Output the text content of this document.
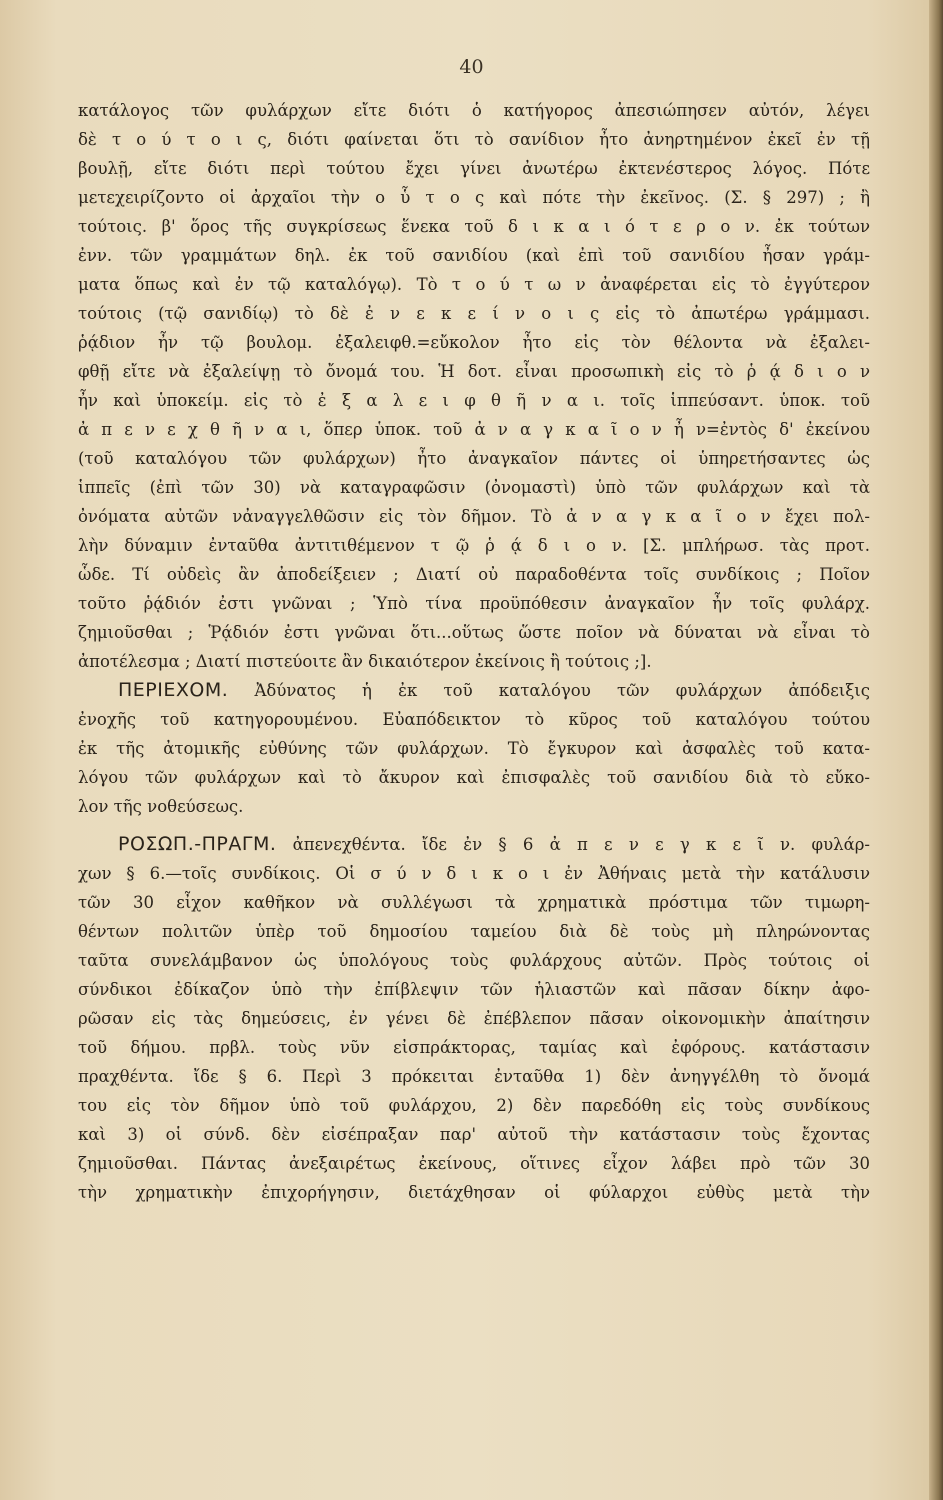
40
κατάλογος τῶν φυλάρχων εἴτε διότι ὁ κατήγορος ἀπεσιώπησεν αὐτόν, λέγει
δὲ τ ο ύ τ ο ι ς, διότι φαίνεται ὅτι τὸ σανίδιον ἦτο ἀνηρτημένον ἐκεῖ ἐν τῇ
βουλῇ, εἴτε διότι περὶ τούτου ἔχει γίνει ἀνωτέρω ἐκτενέστερος λόγος. Πότε
μετεχειρίζοντο οἱ ἀρχαῖοι τὴν ο ὗ τ ο ς καὶ πότε τὴν ἐκεῖνος. (Σ. § 297) ; ἢ
τούτοις. β' ὅρος τῆς συγκρίσεως ἕνεκα τοῦ δ ι κ α ι ό τ ε ρ ο ν. ἐκ τούτων
ἐνν. τῶν γραμμάτων δηλ. ἐκ τοῦ σανιδίου (καὶ ἐπὶ τοῦ σανιδίου ἦσαν γράμ-
ματα ὅπως καὶ ἐν τῷ καταλόγῳ). Τὸ τ ο ύ τ ω ν ἀναφέρεται εἰς τὸ ἐγγύτερον
τούτοις (τῷ σανιδίῳ) τὸ δὲ ἐ ν ε κ ε ί ν ο ι ς εἰς τὸ ἀπωτέρω γράμμασι.
ῥᾴδιον ἦν τῷ βουλομ. ἐξαλειφθ.=εὔκολον ἦτο εἰς τὸν θέλοντα νὰ ἐξαλει-
φθῇ εἴτε νὰ ἐξαλείψῃ τὸ ὄνομά του. Ἡ δοτ. εἶναι προσωπικὴ εἰς τὸ ῥ ᾴ δ ι ο ν
ἦν καὶ ὑποκείμ. εἰς τὸ ἐ ξ α λ ε ι φ θ ῆ ν α ι. τοῖς ἱππεύσαντ. ὑποκ. τοῦ
ἀ π ε ν ε χ θ ῆ ν α ι, ὅπερ ὑποκ. τοῦ ἀ ν α γ κ α ῖ ο ν ἦ ν=ἐντὸς δ' ἐκείνου
(τοῦ καταλόγου τῶν φυλάρχων) ἦτο ἀναγκαῖον πάντες οἱ ὑπηρετήσαντες ὡς
ἱππεῖς (ἐπὶ τῶν 30) νὰ καταγραφῶσιν (ὀνομαστὶ) ὑπὸ τῶν φυλάρχων καὶ τὰ
ὀνόματα αὐτῶν νἀναγγελθῶσιν εἰς τὸν δῆμον. Τὸ ἀ ν α γ κ α ῖ ο ν ἔχει πολ-
λὴν δύναμιν ἐνταῦθα ἀντιτιθέμενον τ ῷ ῥ ᾴ δ ι ο ν. [Σ. μπλήρωσ. τὰς προτ.
ὧδε. Τί οὐδεὶς ἂν ἀποδείξειεν ; Διατί οὐ παραδοθέντα τοῖς συνδίκοις ; Ποῖον
τοῦτο ῥᾴδιόν ἐστι γνῶναι ; Ὑπὸ τίνα προϋπόθεσιν ἀναγκαῖον ἦν τοῖς φυλάρχ.
ζημιοῦσθαι ; Ῥᾴδιόν ἐστι γνῶναι ὅτι...οὕτως ὥστε ποῖον νὰ δύναται νὰ εἶναι τὸ
ἀποτέλεσμα ; Διατί πιστεύοιτε ἂν δικαιότερον ἐκείνοις ἢ τούτοις ;].
ΠΕΡΙΕΧΟΜ. Ἀδύνατος ἡ ἐκ τοῦ καταλόγου τῶν φυλάρχων ἀπόδειξις
ἐνοχῆς τοῦ κατηγορουμένου. Εὐαπόδεικτον τὸ κῦρος τοῦ καταλόγου τούτου
ἐκ τῆς ἀτομικῆς εὐθύνης τῶν φυλάρχων. Τὸ ἔγκυρον καὶ ἀσφαλὲς τοῦ κατα-
λόγου τῶν φυλάρχων καὶ τὸ ἄκυρον καὶ ἐπισφαλὲς τοῦ σανιδίου διὰ τὸ εὔκο-
λον τῆς νοθεύσεως.
ΡΟΣΩΠ.-ΠΡΑΓΜ. ἀπενεχθέντα. ἴδε ἐν § 6 ἀ π ε ν ε γ κ ε ῖ ν. φυλάρ-
χων § 6.—τοῖς συνδίκοις. Οἱ σ ύ ν δ ι κ ο ι ἐν Ἀθήναις μετὰ τὴν κατάλυσιν
τῶν 30 εἶχον καθῆκον νὰ συλλέγωσι τὰ χρηματικὰ πρόστιμα τῶν τιμωρη-
θέντων πολιτῶν ὑπὲρ τοῦ δημοσίου ταμείου διὰ δὲ τοὺς μὴ πληρώνοντας
ταῦτα συνελάμβανον ὡς ὑπολόγους τοὺς φυλάρχους αὐτῶν. Πρὸς τούτοις οἱ
σύνδικοι ἐδίκαζον ὑπὸ τὴν ἐπίβλεψιν τῶν ἡλιαστῶν καὶ πᾶσαν δίκην ἀφο-
ρῶσαν εἰς τὰς δημεύσεις, ἐν γένει δὲ ἐπέβλεπον πᾶσαν οἰκονομικὴν ἀπαίτησιν
τοῦ δήμου. πρβλ. τοὺς νῦν εἰσπράκτορας, ταμίας καὶ ἐφόρους. κατάστασιν
πραχθέντα. ἴδε § 6. Περὶ 3 πρόκειται ἐνταῦθα 1) δὲν ἀνηγγέλθη τὸ ὄνομά
του εἰς τὸν δῆμον ὑπὸ τοῦ φυλάρχου, 2) δὲν παρεδόθη εἰς τοὺς συνδίκους
καὶ 3) οἱ σύνδ. δὲν εἰσέπραξαν παρ' αὐτοῦ τὴν κατάστασιν τοὺς ἔχοντας
ζημιοῦσθαι. Πάντας ἀνεξαιρέτως ἐκείνους, οἵτινες εἶχον λάβει πρὸ τῶν 30
τὴν χρηματικὴν ἐπιχορήγησιν, διετάχθησαν οἱ φύλαρχοι εὐθὺς μετὰ τὴν
